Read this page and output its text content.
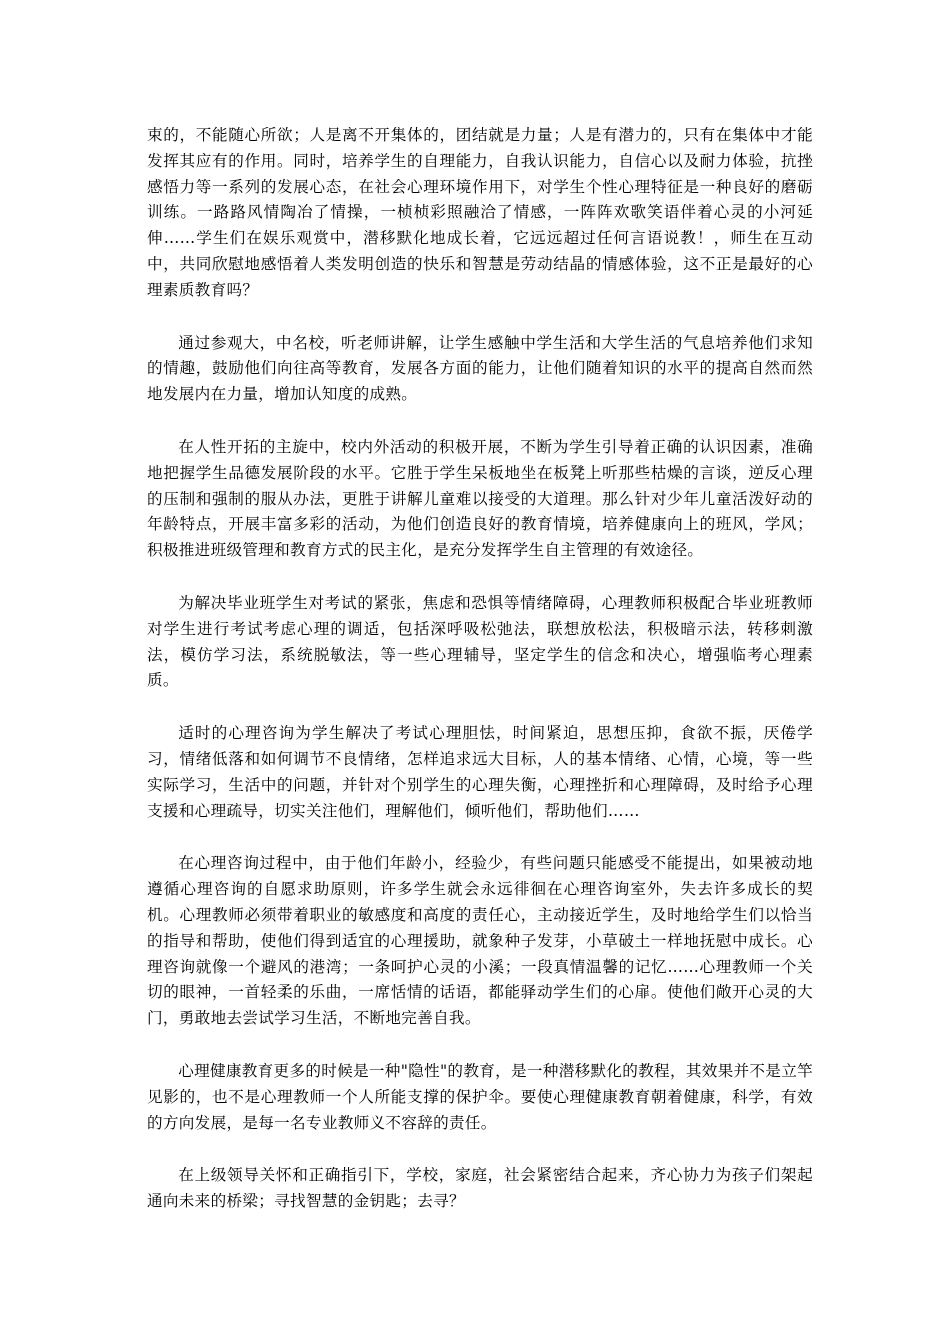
束的，不能随心所欲；人是离不开集体的，团结就是力量；人是有潜力的，只有在集体中才能发挥其应有的作用。同时，培养学生的自理能力，自我认识能力，自信心以及耐力体验，抗挫感悟力等一系列的发展心态，在社会心理环境作用下，对学生个性心理特征是一种良好的磨砺训练。一路路风情陶冶了情操，一桢桢彩照融洽了情感，一阵阵欢歌笑语伴着心灵的小河延伸……学生们在娱乐观赏中，潜移默化地成长着，它远远超过任何言语说教！，师生在互动中，共同欣慰地感悟着人类发明创造的快乐和智慧是劳动结晶的情感体验，这不正是最好的心理素质教育吗？

通过参观大，中名校，听老师讲解，让学生感触中学生活和大学生活的气息培养他们求知的情趣，鼓励他们向往高等教育，发展各方面的能力，让他们随着知识的水平的提高自然而然地发展内在力量，增加认知度的成熟。

在人性开拓的主旋中，校内外活动的积极开展，不断为学生引导着正确的认识因素，准确地把握学生品德发展阶段的水平。它胜于学生呆板地坐在板凳上听那些枯燥的言谈，逆反心理的压制和强制的服从办法，更胜于讲解儿童难以接受的大道理。那么针对少年儿童活泼好动的年龄特点，开展丰富多彩的活动，为他们创造良好的教育情境，培养健康向上的班风，学风；积极推进班级管理和教育方式的民主化，是充分发挥学生自主管理的有效途径。

为解决毕业班学生对考试的紧张，焦虑和恐惧等情绪障碍，心理教师积极配合毕业班教师对学生进行考试考虑心理的调适，包括深呼吸松弛法，联想放松法，积极暗示法，转移刺激法，模仿学习法，系统脱敏法，等一些心理辅导，坚定学生的信念和决心，增强临考心理素质。

适时的心理咨询为学生解决了考试心理胆怯，时间紧迫，思想压抑，食欲不振，厌倦学习，情绪低落和如何调节不良情绪，怎样追求远大目标，人的基本情绪、心情，心境，等一些实际学习，生活中的问题，并针对个别学生的心理失衡，心理挫折和心理障碍，及时给予心理支援和心理疏导，切实关注他们，理解他们，倾听他们，帮助他们……

在心理咨询过程中，由于他们年龄小，经验少，有些问题只能感受不能提出，如果被动地遵循心理咨询的自愿求助原则，许多学生就会永远徘徊在心理咨询室外，失去许多成长的契机。心理教师必须带着职业的敏感度和高度的责任心，主动接近学生，及时地给学生们以恰当的指导和帮助，使他们得到适宜的心理援助，就象种子发芽，小草破土一样地抚慰中成长。心理咨询就像一个避风的港湾；一条呵护心灵的小溪；一段真情温馨的记忆……心理教师一个关切的眼神，一首轻柔的乐曲，一席恬情的话语，都能驿动学生们的心扉。使他们敞开心灵的大门，勇敢地去尝试学习生活，不断地完善自我。

心理健康教育更多的时候是一种"隐性"的教育，是一种潜移默化的教程，其效果并不是立竿见影的，也不是心理教师一个人所能支撑的保护伞。要使心理健康教育朝着健康，科学，有效的方向发展，是每一名专业教师义不容辞的责任。

在上级领导关怀和正确指引下，学校，家庭，社会紧密结合起来，齐心协力为孩子们架起通向未来的桥梁；寻找智慧的金钥匙；去寻？
